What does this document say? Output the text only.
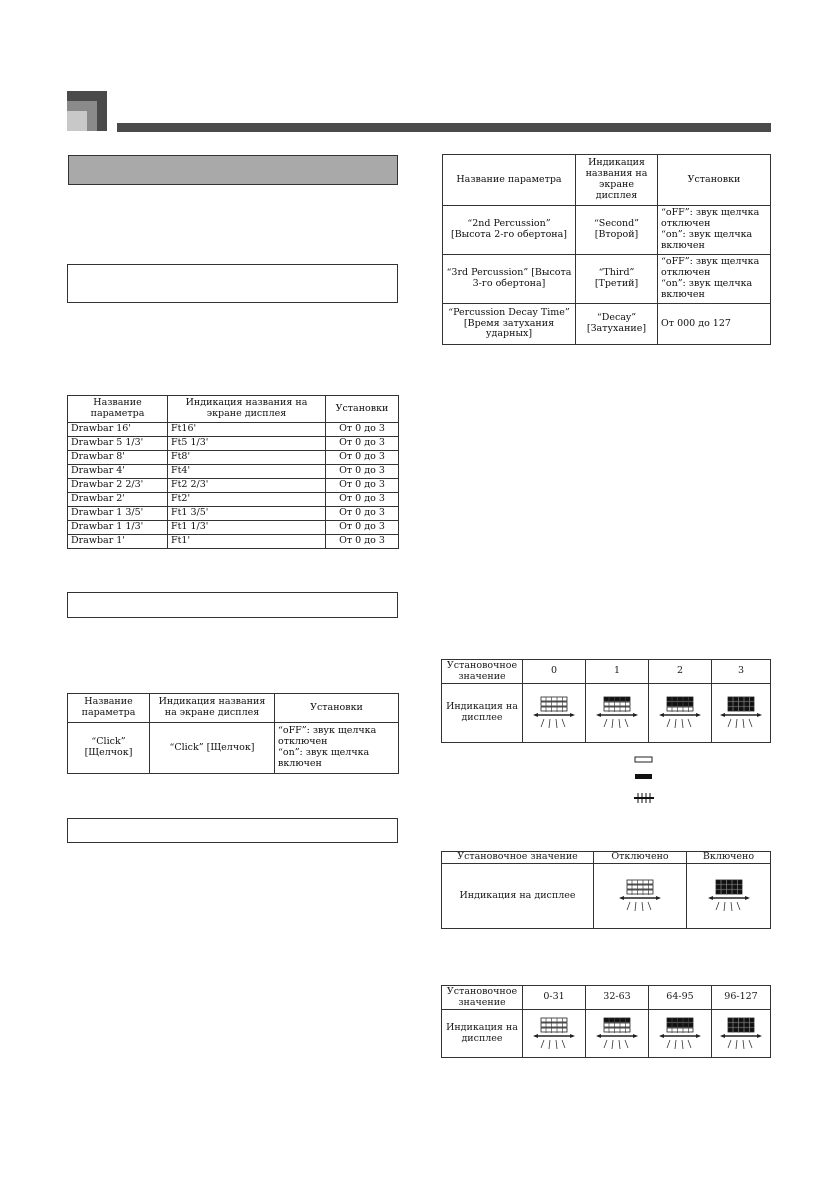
Название параметра	Индикация названия на экране дисплея	Установки
Drawbar 16'	Ft16'	От 0 до 3
Drawbar 5 1/3'	Ft5 1/3'	От 0 до 3
Drawbar 8'	Ft8'	От 0 до 3
Drawbar 4'	Ft4'	От 0 до 3
Drawbar 2 2/3'	Ft2 2/3'	От 0 до 3
Drawbar 2'	Ft2'	От 0 до 3
Drawbar 1 3/5'	Ft1 3/5'	От 0 до 3
Drawbar 1 1/3'	Ft1 1/3'	От 0 до 3
Drawbar 1'	Ft1'	От 0 до 3
Название параметра	Индикация названия на экране дисплея	Установки
“Click” [Щелчок]	“Click” [Щелчок]	“oFF”: звук щелчка отключен
“on”: звук щелчка включен
Название параметра	Индикация названия на экране дисплея	Установки
“2nd Percussion” [Высота 2-го обертона]	“Second” [Второй]	“oFF”: звук щелчка отключен
“on”: звук щелчка включен

“3rd Percussion” [Высота 3-го обертона]	“Third” [Третий]	“oFF”: звук щелчка отключен
“on”: звук щелчка включен

“Percussion Decay Time” [Время затухания ударных]	“Decay” [Затухание]	От 000 до 127
Установочное значение	0	1	2	3
Индикация на дисплее	

Установочное значение	Отключено	Включено
Индикация на дисплее	

Установочное значение	0-31	32-63	64-95	96-127
Индикация на дисплее	
